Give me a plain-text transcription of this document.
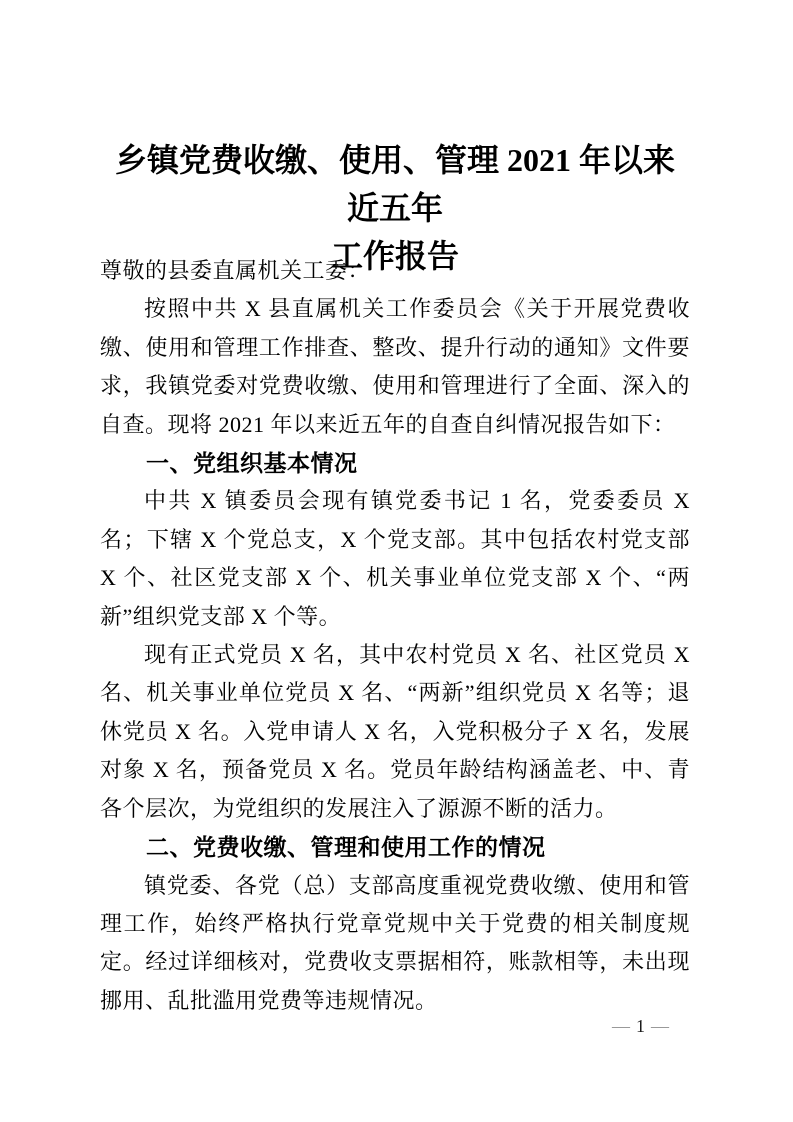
乡镇党费收缴、使用、管理 2021 年以来近五年
工作报告

尊敬的县委直属机关工委：

按照中共 X 县直属机关工作委员会《关于开展党费收缴、使用和管理工作排查、整改、提升行动的通知》文件要求，我镇党委对党费收缴、使用和管理进行了全面、深入的自查。现将 2021 年以来近五年的自查自纠情况报告如下：

一、党组织基本情况

中共 X 镇委员会现有镇党委书记 1 名，党委委员 X 名；下辖 X 个党总支，X 个党支部。其中包括农村党支部 X 个、社区党支部 X 个、机关事业单位党支部 X 个、“两新”组织党支部 X 个等。

现有正式党员 X 名，其中农村党员 X 名、社区党员 X 名、机关事业单位党员 X 名、“两新”组织党员 X 名等；退休党员 X 名。入党申请人 X 名，入党积极分子 X 名，发展对象 X 名，预备党员 X 名。党员年龄结构涵盖老、中、青各个层次，为党组织的发展注入了源源不断的活力。

二、党费收缴、管理和使用工作的情况

镇党委、各党（总）支部高度重视党费收缴、使用和管理工作，始终严格执行党章党规中关于党费的相关制度规定。经过详细核对，党费收支票据相符，账款相等，未出现挪用、乱批滥用党费等违规情况。

— 1 —
